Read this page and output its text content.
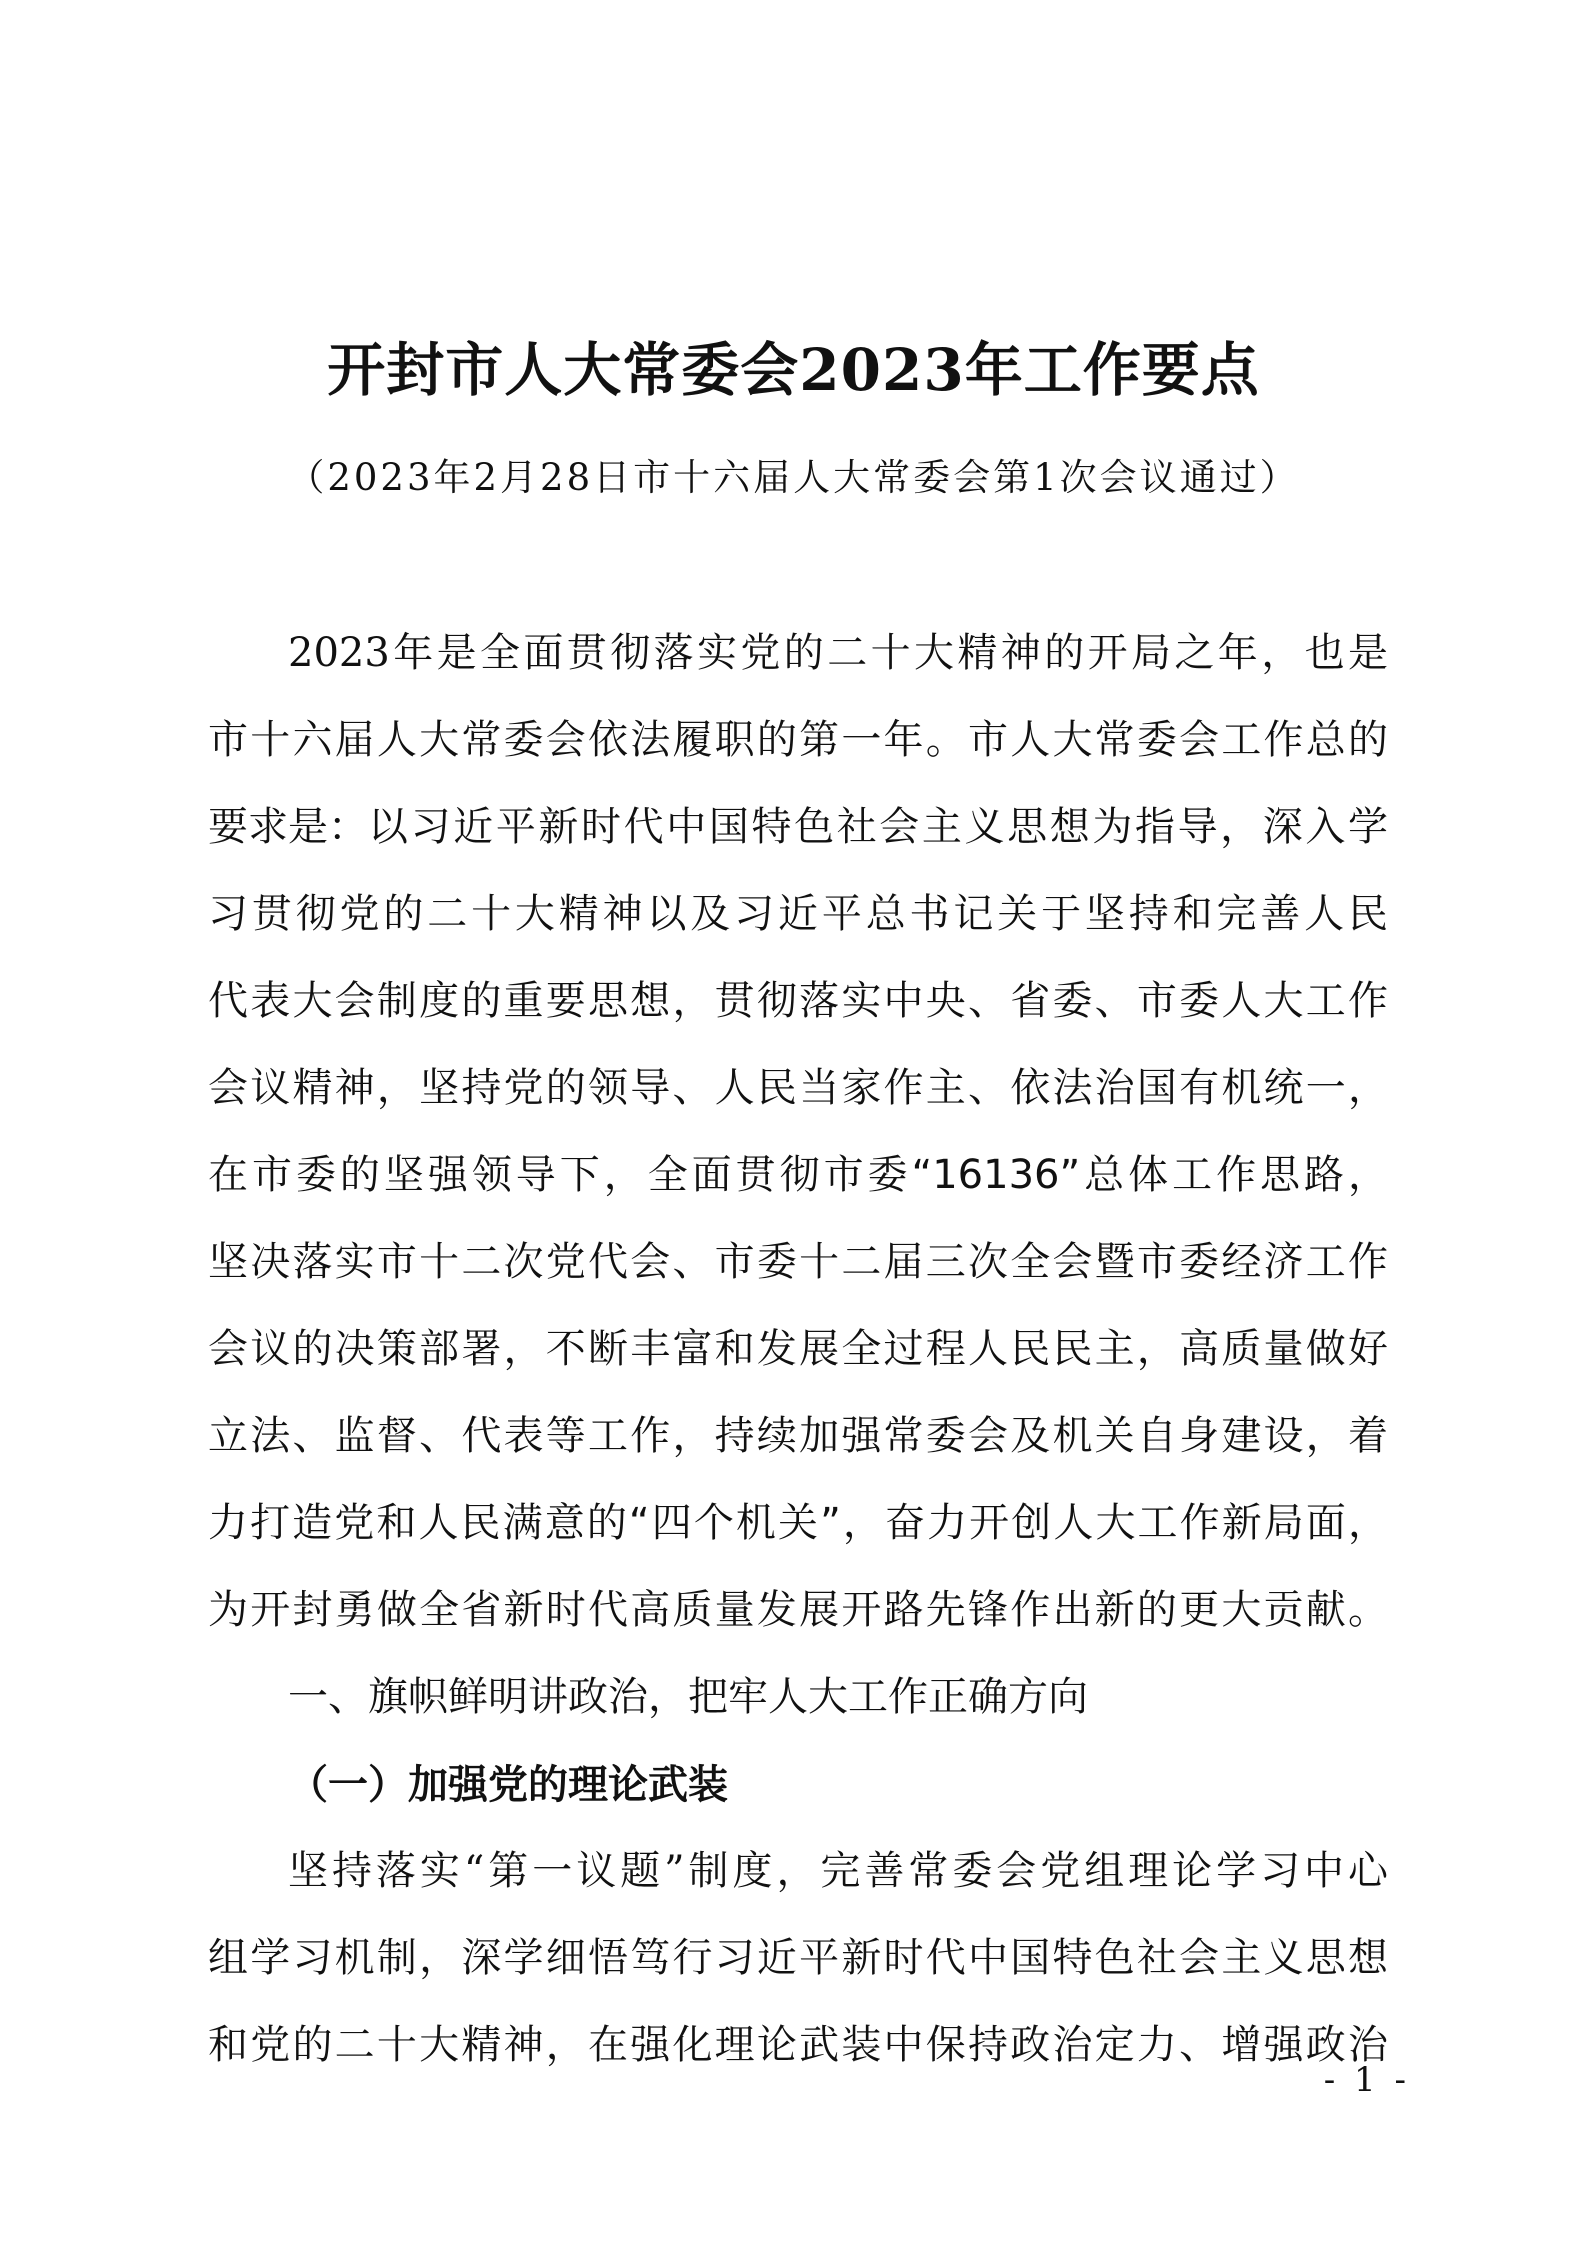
开封市人大常委会2023年工作要点
（2023年2月28日市十六届人大常委会第1次会议通过）
2023年是全面贯彻落实党的二十大精神的开局之年，也是
市十六届人大常委会依法履职的第一年。市人大常委会工作总的
要求是： 以习近平新时代中国特色社会主义思想为指导，深入学
习贯彻党的二十大精神以及习近平总书记关于坚持和完善人民
代表大会制度的重要思想，贯彻落实中央、省委、市委人大工作
会议精神，坚持党的领导、人民当家作主、依法治国有机统一，
在市委的坚强领导下，全面贯彻市委“16136”总体工作思路，
坚决落实市十二次党代会、市委十二届三次全会暨市委经济工作
会议的决策部署，不断丰富和发展全过程人民民主，高质量做好
立法、监督、代表等工作，持续加强常委会及机关自身建设，着
力打造党和人民满意的“四个机关”，奋力开创人大工作新局面，
为开封勇做全省新时代高质量发展开路先锋作出新的更大贡献。
一、旗帜鲜明讲政治，把牢人大工作正确方向
（一）加强党的理论武装
坚持落实“第一议题”制度，完善常委会党组理论学习中心
组学习机制，深学细悟笃行习近平新时代中国特色社会主义思想
和党的二十大精神，在强化理论武装中保持政治定力、增强政治
- 1 -
